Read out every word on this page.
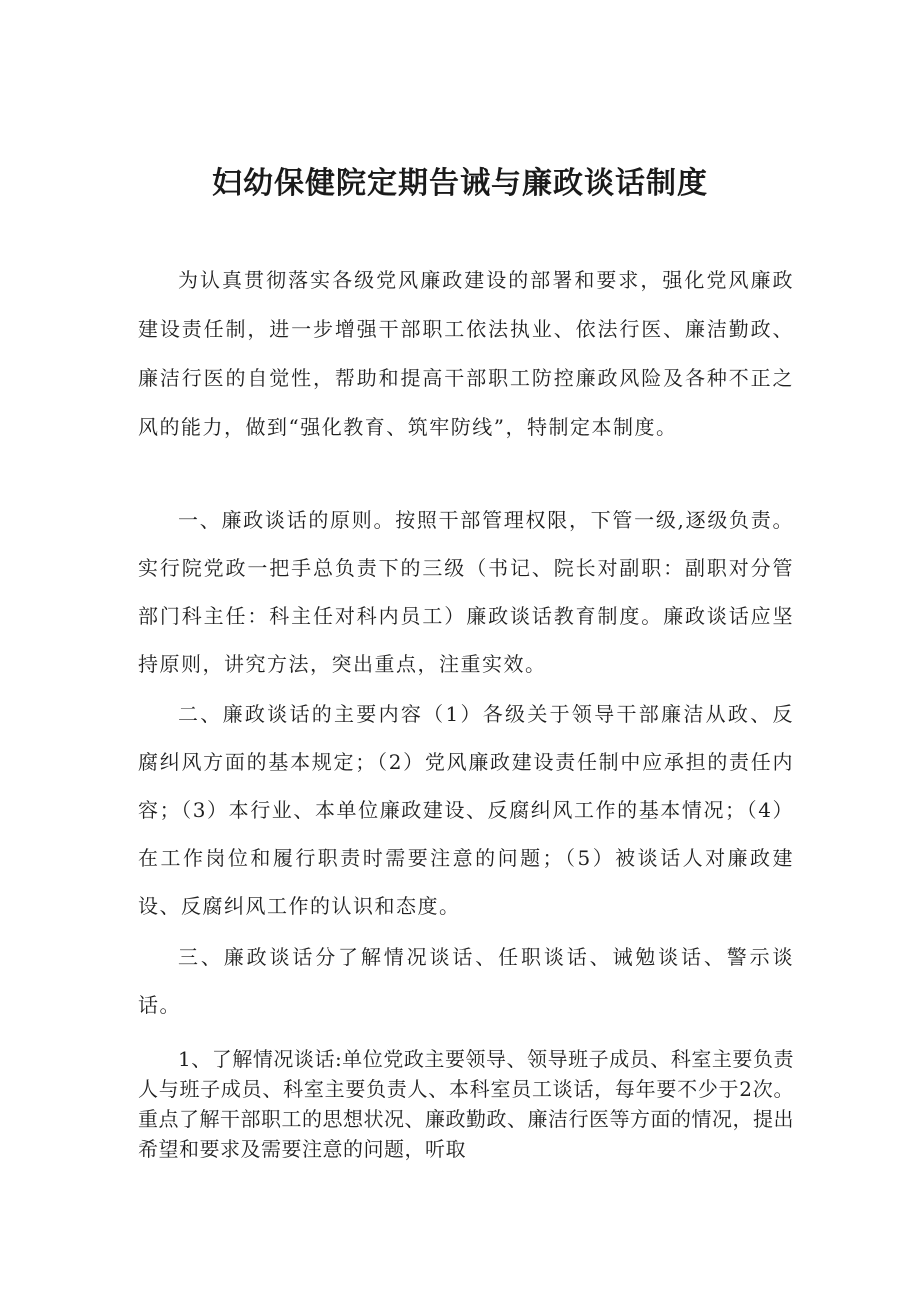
妇幼保健院定期告诫与廉政谈话制度

为认真贯彻落实各级党风廉政建设的部署和要求，强化党风廉政建设责任制，进一步增强干部职工依法执业、依法行医、廉洁勤政、廉洁行医的自觉性，帮助和提高干部职工防控廉政风险及各种不正之风的能力，做到“强化教育、筑牢防线”，特制定本制度。

一、廉政谈话的原则。按照干部管理权限，下管一级,逐级负责。实行院党政一把手总负责下的三级（书记、院长对副职：副职对分管部门科主任：科主任对科内员工）廉政谈话教育制度。廉政谈话应坚持原则，讲究方法，突出重点，注重实效。

二、廉政谈话的主要内容（1）各级关于领导干部廉洁从政、反腐纠风方面的基本规定；（2）党风廉政建设责任制中应承担的责任内容；（3）本行业、本单位廉政建设、反腐纠风工作的基本情况；（4）在工作岗位和履行职责时需要注意的问题；（5）被谈话人对廉政建设、反腐纠风工作的认识和态度。

三、廉政谈话分了解情况谈话、任职谈话、诫勉谈话、警示谈话。

1、了解情况谈话:单位党政主要领导、领导班子成员、科室主要负责人与班子成员、科室主要负责人、本科室员工谈话，每年要不少于2次。重点了解干部职工的思想状况、廉政勤政、廉洁行医等方面的情况，提出希望和要求及需要注意的问题，听取
